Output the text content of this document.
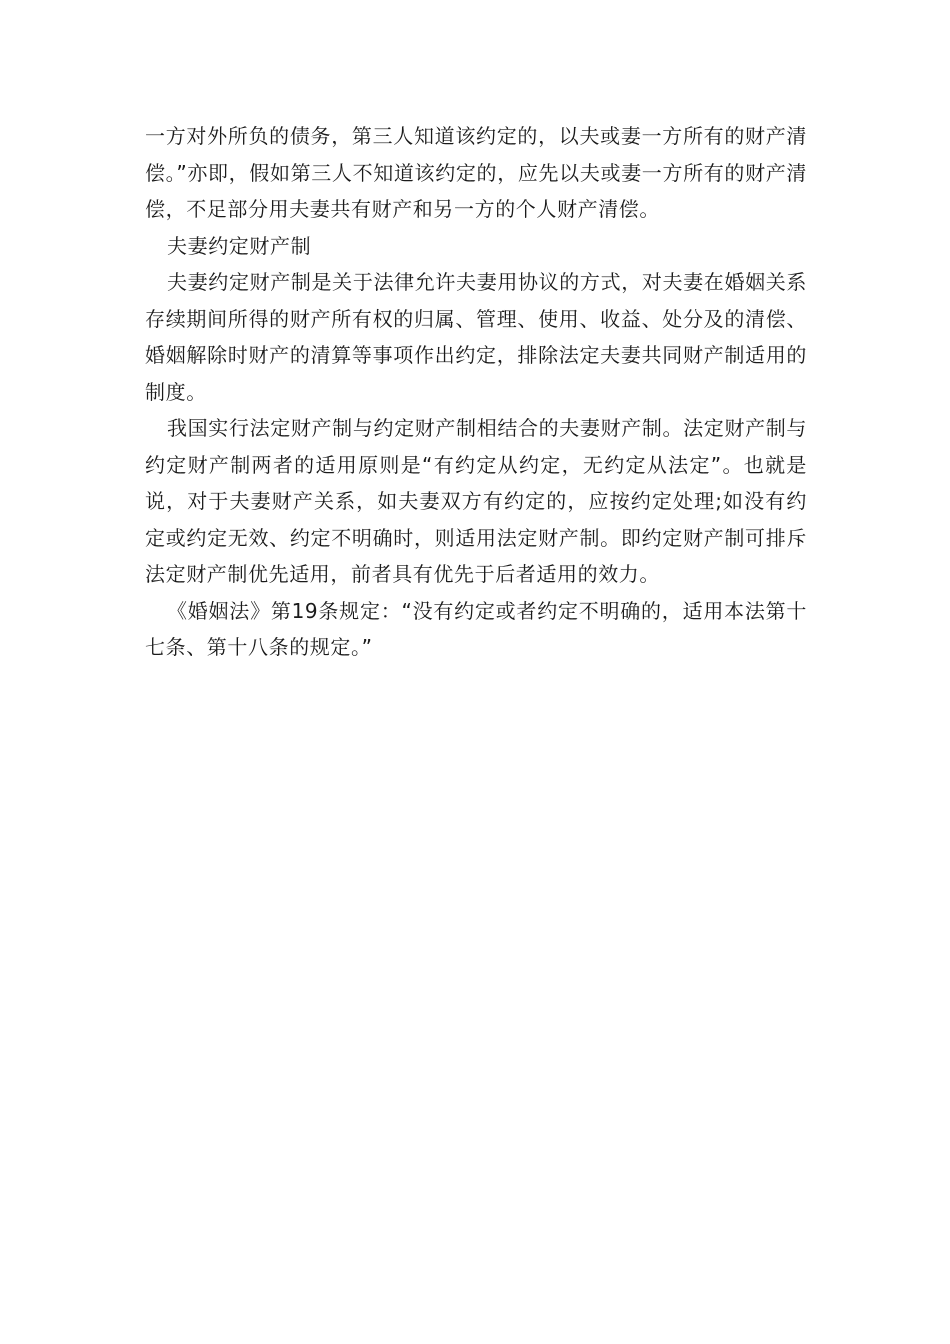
一方对外所负的债务，第三人知道该约定的，以夫或妻一方所有的财产清偿。”亦即，假如第三人不知道该约定的，应先以夫或妻一方所有的财产清偿，不足部分用夫妻共有财产和另一方的个人财产清偿。

夫妻约定财产制

夫妻约定财产制是关于法律允许夫妻用协议的方式，对夫妻在婚姻关系存续期间所得的财产所有权的归属、管理、使用、收益、处分及的清偿、婚姻解除时财产的清算等事项作出约定，排除法定夫妻共同财产制适用的制度。

我国实行法定财产制与约定财产制相结合的夫妻财产制。法定财产制与约定财产制两者的适用原则是“有约定从约定，无约定从法定”。也就是说，对于夫妻财产关系，如夫妻双方有约定的，应按约定处理;如没有约定或约定无效、约定不明确时，则适用法定财产制。即约定财产制可排斥法定财产制优先适用，前者具有优先于后者适用的效力。

《婚姻法》第19条规定：“没有约定或者约定不明确的，适用本法第十七条、第十八条的规定。”
